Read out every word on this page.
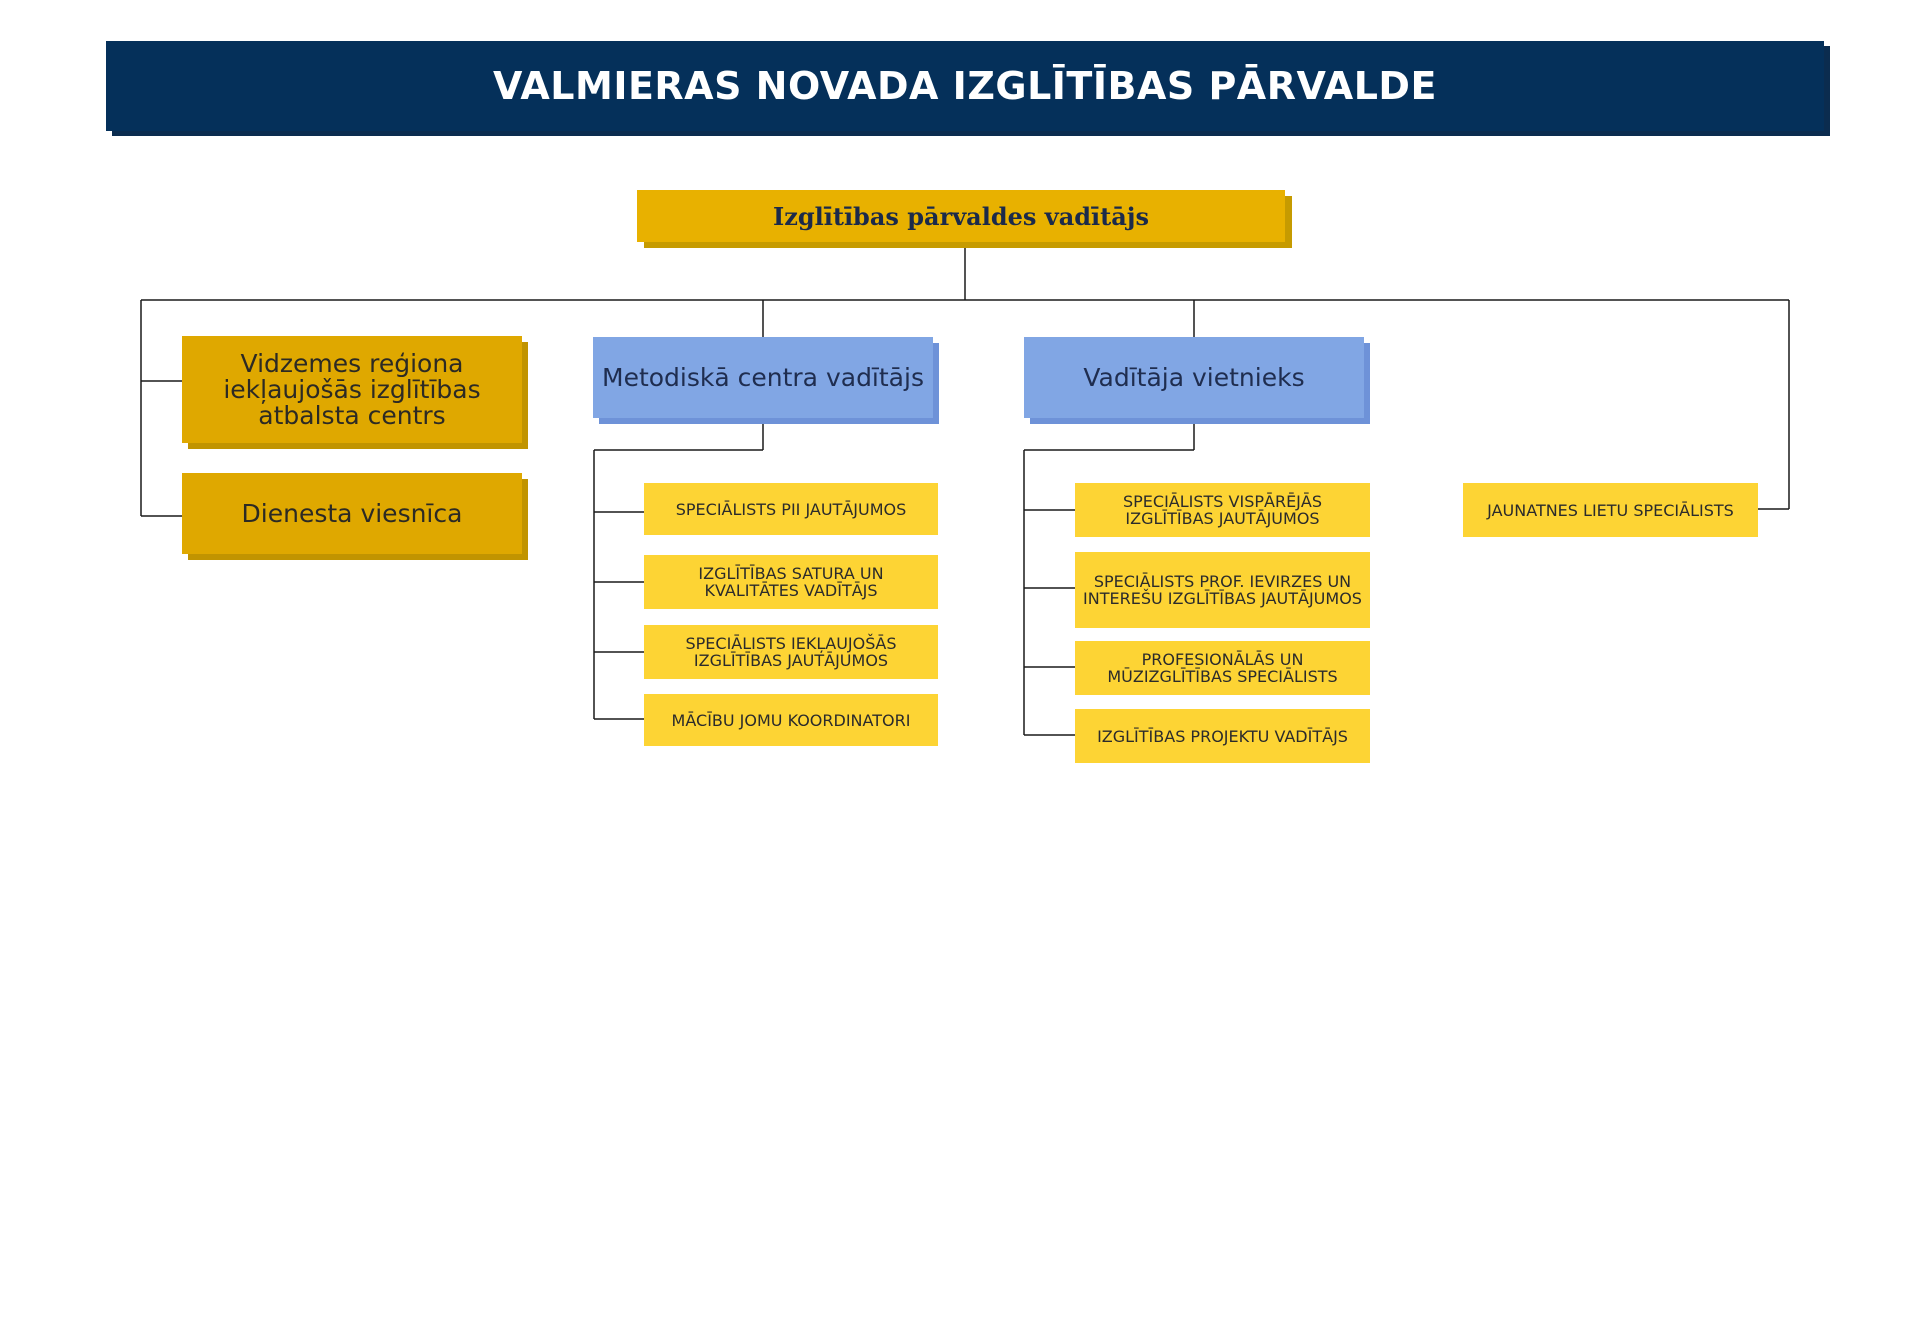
VALMIERAS NOVADA IZGLĪTĪBAS PĀRVALDE
Izglītības pārvaldes vadītājs
Vidzemes reģiona iekļaujošās izglītības atbalsta centrs
Dienesta viesnīca
Metodiskā centra vadītājs
SPECIĀLISTS PII JAUTĀJUMOS
IZGLĪTĪBAS SATURA UN KVALITĀTES VADĪTĀJS
SPECIĀLISTS IEKĻAUJOŠĀS IZGLĪTĪBAS JAUTĀJUMOS
MĀCĪBU JOMU KOORDINATORI
Vadītāja vietnieks
SPECIĀLISTS VISPĀRĒJĀS IZGLĪTĪBAS JAUTĀJUMOS
SPECIĀLISTS PROF. IEVIRZES UN INTEREŠU IZGLĪTĪBAS JAUTĀJUMOS
PROFESIONĀLĀS UN MŪZIZGLĪTĪBAS SPECIĀLISTS
IZGLĪTĪBAS PROJEKTU VADĪTĀJS
JAUNATNES LIETU SPECIĀLISTS
